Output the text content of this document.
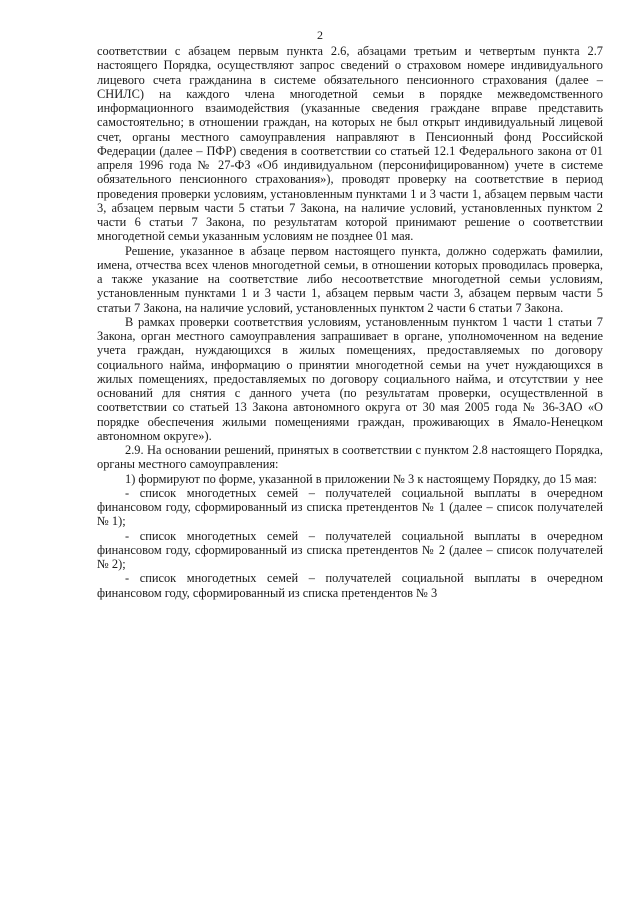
2

соответствии с абзацем первым пункта 2.6, абзацами третьим и четвертым пункта 2.7 настоящего Порядка, осуществляют запрос сведений о страховом номере индивидуального лицевого счета гражданина в системе обязательного пенсионного страхования (далее – СНИЛС) на каждого члена многодетной семьи в порядке межведомственного информационного взаимодействия (указанные сведения граждане вправе представить самостоятельно; в отношении граждан, на которых не был открыт индивидуальный лицевой счет, органы местного самоуправления направляют в Пенсионный фонд Российской Федерации (далее – ПФР) сведения в соответствии со статьей 12.1 Федерального закона от 01 апреля 1996 года № 27-ФЗ «Об индивидуальном (персонифицированном) учете в системе обязательного пенсионного страхования»), проводят проверку на соответствие в период проведения проверки условиям, установленным пунктами 1 и 3 части 1, абзацем первым части 3, абзацем первым части 5 статьи 7 Закона, на наличие условий, установленных пунктом 2 части 6 статьи 7 Закона, по результатам которой принимают решение о соответствии многодетной семьи указанным условиям не позднее 01 мая.

Решение, указанное в абзаце первом настоящего пункта, должно содержать фамилии, имена, отчества всех членов многодетной семьи, в отношении которых проводилась проверка, а также указание на соответствие либо несоответствие многодетной семьи условиям, установленным пунктами 1 и 3 части 1, абзацем первым части 3, абзацем первым части 5 статьи 7 Закона, на наличие условий, установленных пунктом 2 части 6 статьи 7 Закона.

В рамках проверки соответствия условиям, установленным пунктом 1 части 1 статьи 7 Закона, орган местного самоуправления запрашивает в органе, уполномоченном на ведение учета граждан, нуждающихся в жилых помещениях, предоставляемых по договору социального найма, информацию о принятии многодетной семьи на учет нуждающихся в жилых помещениях, предоставляемых по договору социального найма, и отсутствии у нее оснований для снятия с данного учета (по результатам проверки, осуществленной в соответствии со статьей 13 Закона автономного округа от 30 мая 2005 года № 36-ЗАО «О порядке обеспечения жилыми помещениями граждан, проживающих в Ямало-Ненецком автономном округе»).

2.9. На основании решений, принятых в соответствии с пунктом 2.8 настоящего Порядка, органы местного самоуправления:

1) формируют по форме, указанной в приложении № 3 к настоящему Порядку, до 15 мая:

- список многодетных семей – получателей социальной выплаты в очередном финансовом году, сформированный из списка претендентов № 1 (далее – список получателей № 1);

- список многодетных семей – получателей социальной выплаты в очередном финансовом году, сформированный из списка претендентов № 2 (далее – список получателей № 2);

- список многодетных семей – получателей социальной выплаты в очередном финансовом году, сформированный из списка претендентов № 3
